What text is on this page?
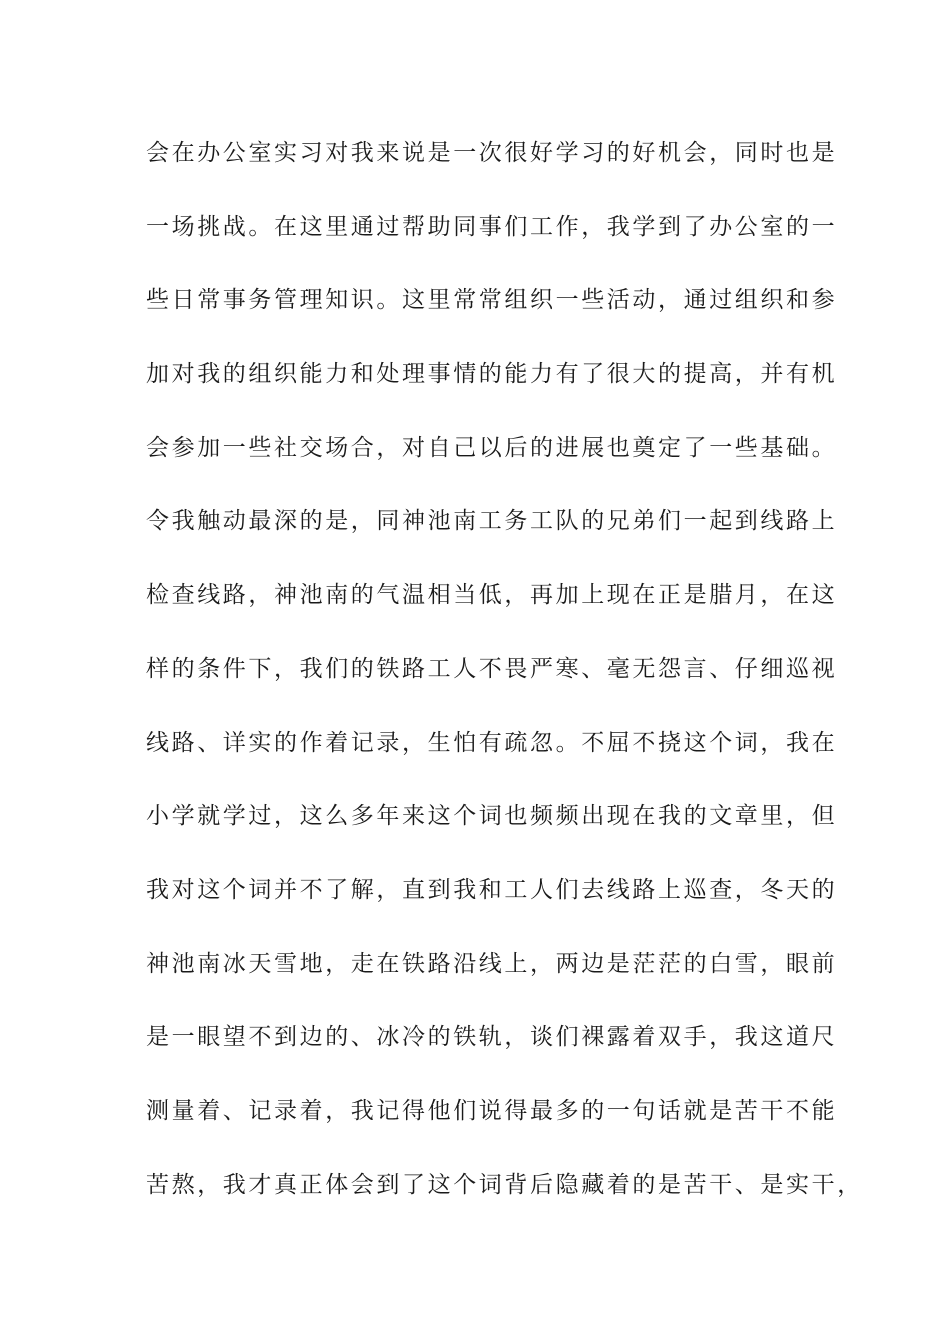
会在办公室实习对我来说是一次很好学习的好机会，同时也是
一场挑战。在这里通过帮助同事们工作，我学到了办公室的一
些日常事务管理知识。这里常常组织一些活动，通过组织和参
加对我的组织能力和处理事情的能力有了很大的提高，并有机
会参加一些社交场合，对自己以后的进展也奠定了一些基础。
令我触动最深的是，同神池南工务工队的兄弟们一起到线路上
检查线路，神池南的气温相当低，再加上现在正是腊月，在这
样的条件下，我们的铁路工人不畏严寒、毫无怨言、仔细巡视
线路、详实的作着记录，生怕有疏忽。不屈不挠这个词，我在
小学就学过，这么多年来这个词也频频出现在我的文章里，但
我对这个词并不了解，直到我和工人们去线路上巡查，冬天的
神池南冰天雪地，走在铁路沿线上，两边是茫茫的白雪，眼前
是一眼望不到边的、冰冷的铁轨，谈们裸露着双手，我这道尺
测量着、记录着，我记得他们说得最多的一句话就是苦干不能
苦熬，我才真正体会到了这个词背后隐藏着的是苦干、是实干，
